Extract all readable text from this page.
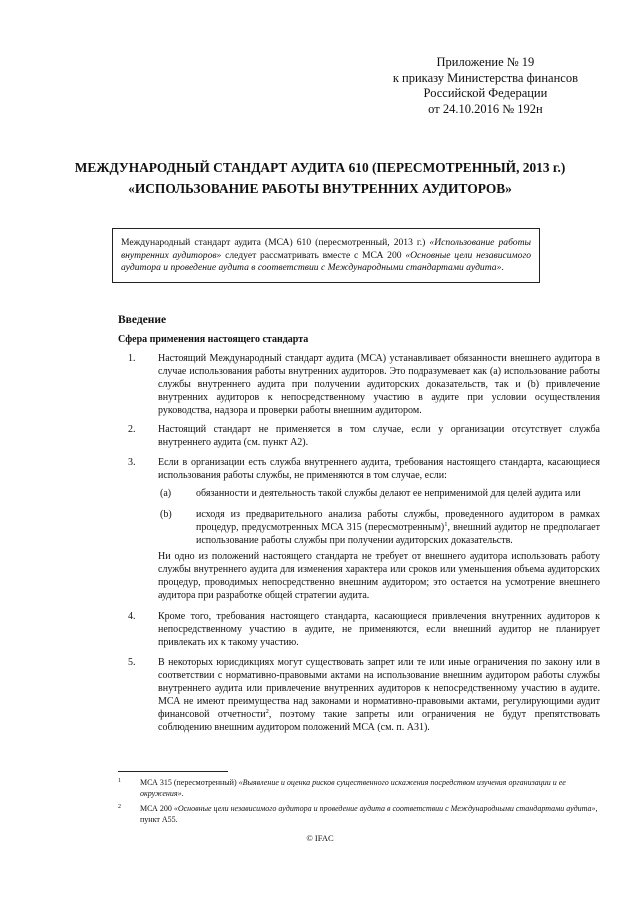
Приложение № 19
к приказу Министерства финансов
Российской Федерации
от 24.10.2016 № 192н
МЕЖДУНАРОДНЫЙ СТАНДАРТ АУДИТА 610 (ПЕРЕСМОТРЕННЫЙ, 2013 г.)
«ИСПОЛЬЗОВАНИЕ РАБОТЫ ВНУТРЕННИХ АУДИТОРОВ»
Международный стандарт аудита (МСА) 610 (пересмотренный, 2013 г.) «Использование работы внутренних аудиторов» следует рассматривать вместе с МСА 200 «Основные цели независимого аудитора и проведение аудита в соответствии с Международными стандартами аудита».
Введение
Сфера применения настоящего стандарта
1. Настоящий Международный стандарт аудита (МСА) устанавливает обязанности внешнего аудитора в случае использования работы внутренних аудиторов. Это подразумевает как (а) использование работы службы внутреннего аудита при получении аудиторских доказательств, так и (b) привлечение внутренних аудиторов к непосредственному участию в аудите при условии осуществления руководства, надзора и проверки работы внешним аудитором.
2. Настоящий стандарт не применяется в том случае, если у организации отсутствует служба внутреннего аудита (см. пункт А2).
3. Если в организации есть служба внутреннего аудита, требования настоящего стандарта, касающиеся использования работы службы, не применяются в том случае, если:
(a) обязанности и деятельность такой службы делают ее неприменимой для целей аудита или
(b) исходя из предварительного анализа работы службы, проведенного аудитором в рамках процедур, предусмотренных МСА 315 (пересмотренным)$^1$, внешний аудитор не предполагает использование работы службы при получении аудиторских доказательств.
Ни одно из положений настоящего стандарта не требует от внешнего аудитора использовать работу службы внутреннего аудита для изменения характера или сроков или уменьшения объема аудиторских процедур, проводимых непосредственно внешним аудитором; это остается на усмотрение внешнего аудитора при разработке общей стратегии аудита.
4. Кроме того, требования настоящего стандарта, касающиеся привлечения внутренних аудиторов к непосредственному участию в аудите, не применяются, если внешний аудитор не планирует привлекать их к такому участию.
5. В некоторых юрисдикциях могут существовать запрет или те или иные ограничения по закону или в соответствии с нормативно-правовыми актами на использование внешним аудитором работы службы внутреннего аудита или привлечение внутренних аудиторов к непосредственному участию в аудите. МСА не имеют преимущества над законами и нормативно-правовыми актами, регулирующими аудит финансовой отчетности$^2$, поэтому такие запреты или ограничения не будут препятствовать соблюдению внешним аудитором положений МСА (см. п. А31).
1 МСА 315 (пересмотренный) «Выявление и оценка рисков существенного искажения посредством изучения организации и ее окружения».
2 МСА 200 «Основные цели независимого аудитора и проведение аудита в соответствии с Международными стандартами аудита», пункт А55.
© IFAC
